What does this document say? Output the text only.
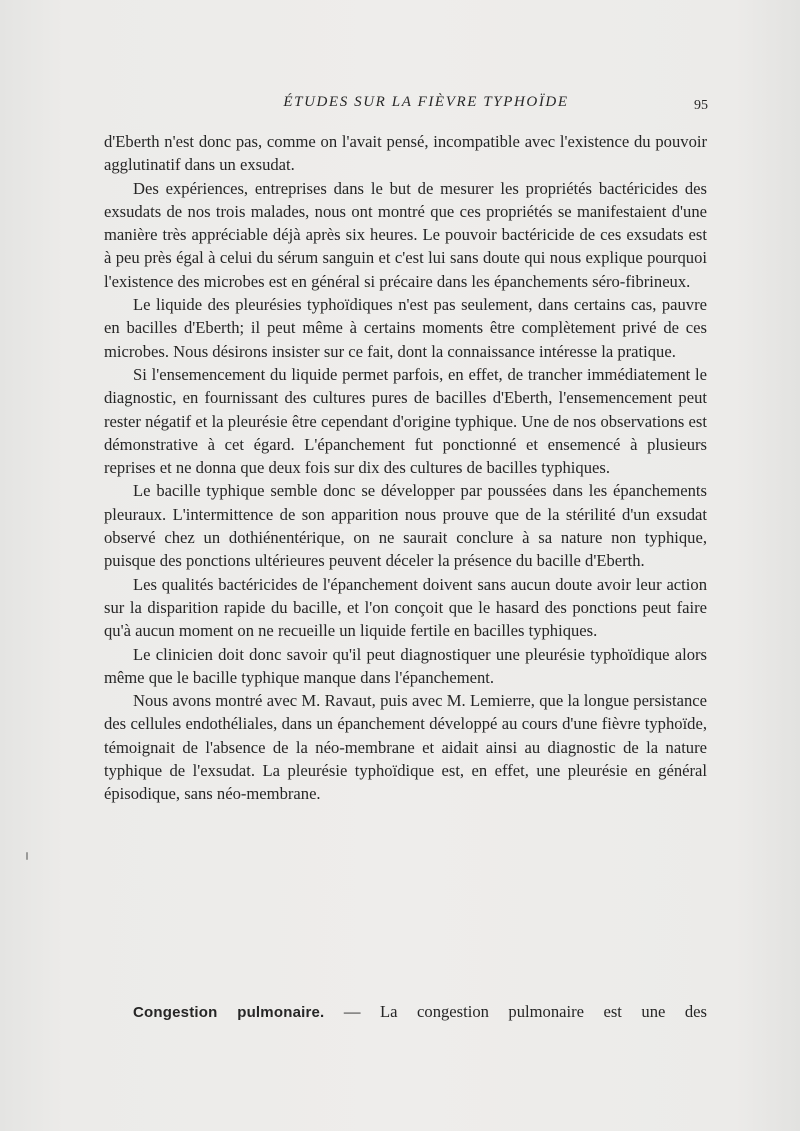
ÉTUDES SUR LA FIÈVRE TYPHOÏDE	95

d'Eberth n'est donc pas, comme on l'avait pensé, incompatible avec l'existence du pouvoir agglutinatif dans un exsudat.

Des expériences, entreprises dans le but de mesurer les propriétés bactéricides des exsudats de nos trois malades, nous ont montré que ces propriétés se manifestaient d'une manière très appréciable déjà après six heures. Le pouvoir bactéricide de ces exsudats est à peu près égal à celui du sérum sanguin et c'est lui sans doute qui nous explique pourquoi l'existence des microbes est en général si précaire dans les épanchements séro-fibrineux.

Le liquide des pleurésies typhoïdiques n'est pas seulement, dans certains cas, pauvre en bacilles d'Eberth; il peut même à certains moments être complètement privé de ces microbes. Nous désirons insister sur ce fait, dont la connaissance intéresse la pratique.

Si l'ensemencement du liquide permet parfois, en effet, de trancher immédiatement le diagnostic, en fournissant des cultures pures de bacilles d'Eberth, l'ensemencement peut rester négatif et la pleurésie être cependant d'origine typhique. Une de nos observations est démonstrative à cet égard. L'épanchement fut ponctionné et ensemencé à plusieurs reprises et ne donna que deux fois sur dix des cultures de bacilles typhiques.

Le bacille typhique semble donc se développer par poussées dans les épanchements pleuraux. L'intermittence de son apparition nous prouve que de la stérilité d'un exsudat observé chez un dothiénentérique, on ne saurait conclure à sa nature non typhique, puisque des ponctions ultérieures peuvent déceler la présence du bacille d'Eberth.

Les qualités bactéricides de l'épanchement doivent sans aucun doute avoir leur action sur la disparition rapide du bacille, et l'on conçoit que le hasard des ponctions peut faire qu'à aucun moment on ne recueille un liquide fertile en bacilles typhiques.

Le clinicien doit donc savoir qu'il peut diagnostiquer une pleurésie typhoïdique alors même que le bacille typhique manque dans l'épanchement.

Nous avons montré avec M. Ravaut, puis avec M. Lemierre, que la longue persistance des cellules endothéliales, dans un épanchement développé au cours d'une fièvre typhoïde, témoignait de l'absence de la néo-membrane et aidait ainsi au diagnostic de la nature typhique de l'exsudat. La pleurésie typhoïdique est, en effet, une pleurésie en général épisodique, sans néo-membrane.

Congestion pulmonaire. — La congestion pulmonaire est une des
